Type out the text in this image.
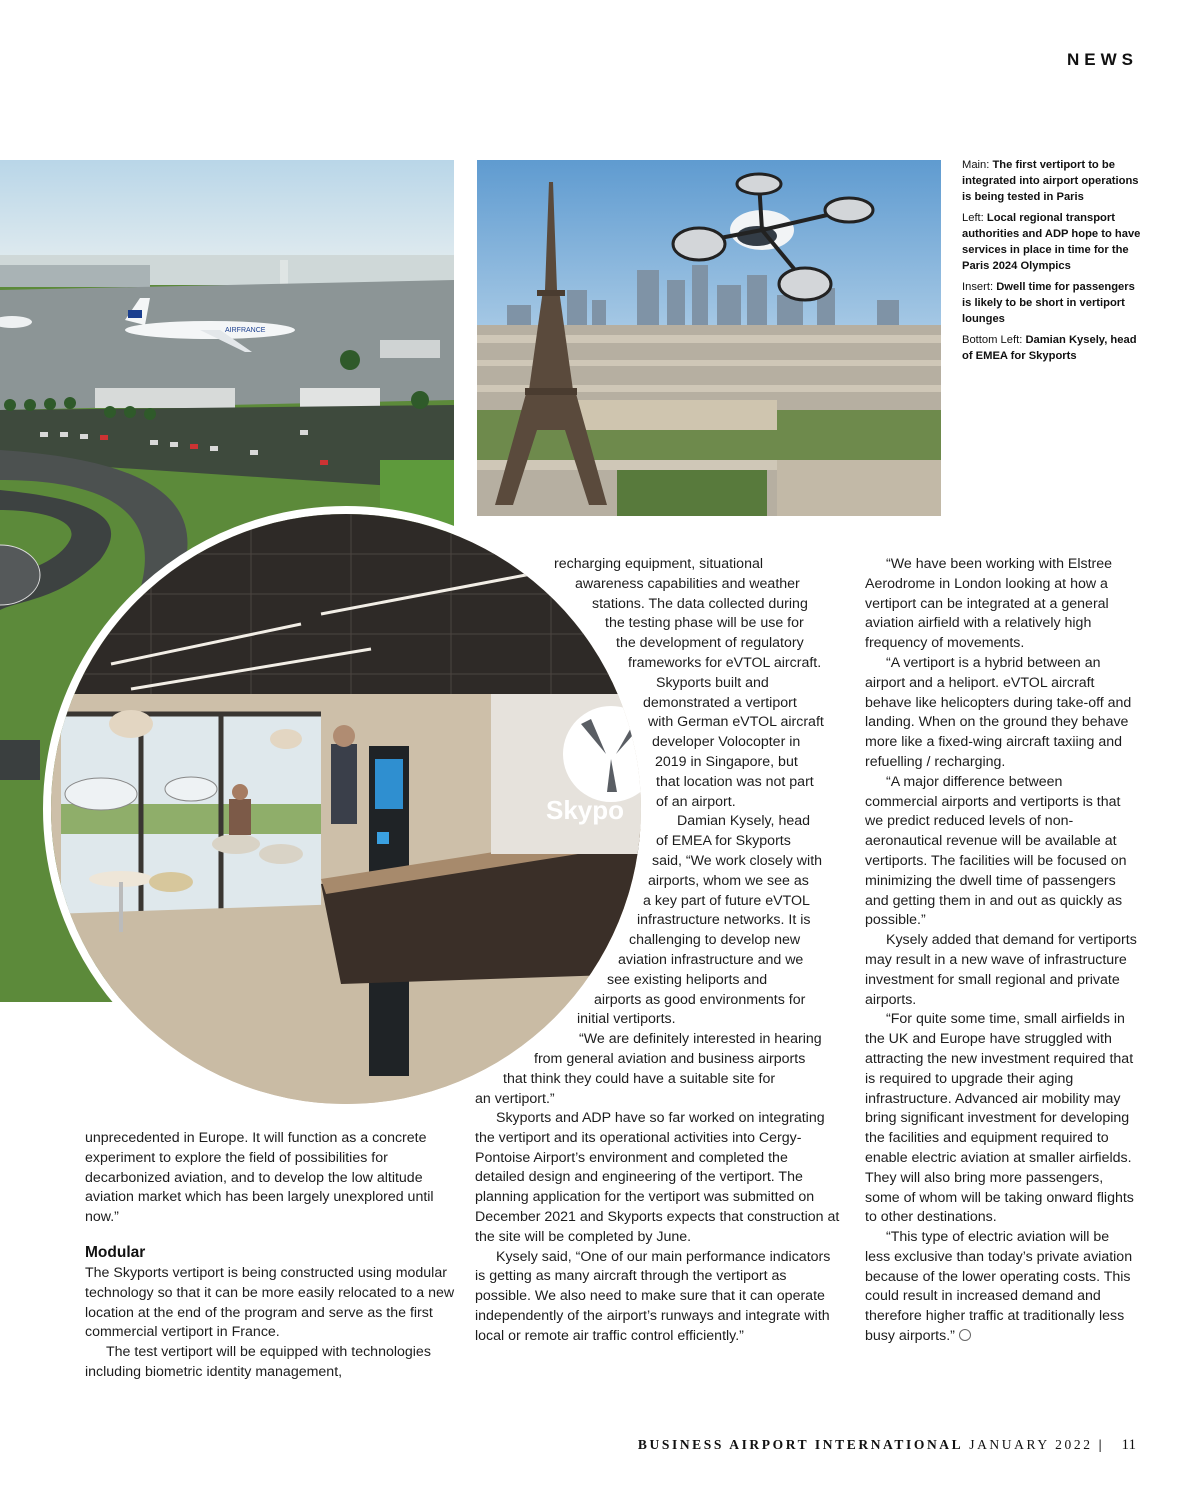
NEWS
AIRFRANCE
Skypo

Main: The first vertiport to be integrated into airport operations is being tested in Paris

Left: Local regional transport authorities and ADP hope to have services in place in time for the Paris 2024 Olympics

Insert: Dwell time for passengers is likely to be short in vertiport lounges

Bottom Left: Damian Kysely, head of EMEA for Skyports

unprecedented in Europe. It will function as a concrete experiment to explore the field of possibilities for decarbonized aviation, and to develop the low altitude aviation market which has been largely unexplored until now.”

Modular

The Skyports vertiport is being constructed using modular technology so that it can be more easily relocated to a new location at the end of the program and serve as the first commercial vertiport in France.

The test vertiport will be equipped with technologies including biometric identity management,

recharging equipment, situational
awareness capabilities and weather
stations. The data collected during
the testing phase will be use for
the development of regulatory
frameworks for eVTOL aircraft.
Skyports built and
demonstrated a vertiport
with German eVTOL aircraft
developer Volocopter in
2019 in Singapore, but
that location was not part
of an airport.
Damian Kysely, head
of EMEA for Skyports
said, “We work closely with
airports, whom we see as
a key part of future eVTOL
infrastructure networks. It is
challenging to develop new
aviation infrastructure and we
see existing heliports and
airports as good environments for
initial vertiports.
“We are definitely interested in hearing
from general aviation and business airports
that think they could have a suitable site for
an vertiport.”

Skyports and ADP have so far worked on integrating the vertiport and its operational activities into Cergy-Pontoise Airport’s environment and completed the detailed design and engineering of the vertiport. The planning application for the vertiport was submitted on December 2021 and Skyports expects that construction at the site will be completed by June.

Kysely said, “One of our main performance indicators is getting as many aircraft through the vertiport as possible. We also need to make sure that it can operate independently of the airport’s runways and integrate with local or remote air traffic control efficiently.”

“We have been working with Elstree Aerodrome in London looking at how a vertiport can be integrated at a general aviation airfield with a relatively high frequency of movements.

“A vertiport is a hybrid between an airport and a heliport. eVTOL aircraft behave like helicopters during take-off and landing. When on the ground they behave more like a fixed-wing aircraft taxiing and refuelling / recharging.

“A major difference between commercial airports and vertiports is that we predict reduced levels of non-aeronautical revenue will be available at vertiports. The facilities will be focused on minimizing the dwell time of passengers and getting them in and out as quickly as possible.”

Kysely added that demand for vertiports may result in a new wave of infrastructure investment for small regional and private airports.

“For quite some time, small airfields in the UK and Europe have struggled with attracting the new investment required that is required to upgrade their aging infrastructure. Advanced air mobility may bring significant investment for developing the facilities and equipment required to enable electric aviation at smaller airfields. They will also bring more passengers, some of whom will be taking onward flights to other destinations.

“This type of electric aviation will be less exclusive than today’s private aviation because of the lower operating costs. This could result in increased demand and therefore higher traffic at traditionally less busy airports.”

BUSINESS AIRPORT INTERNATIONAL JANUARY 2022 | 11
